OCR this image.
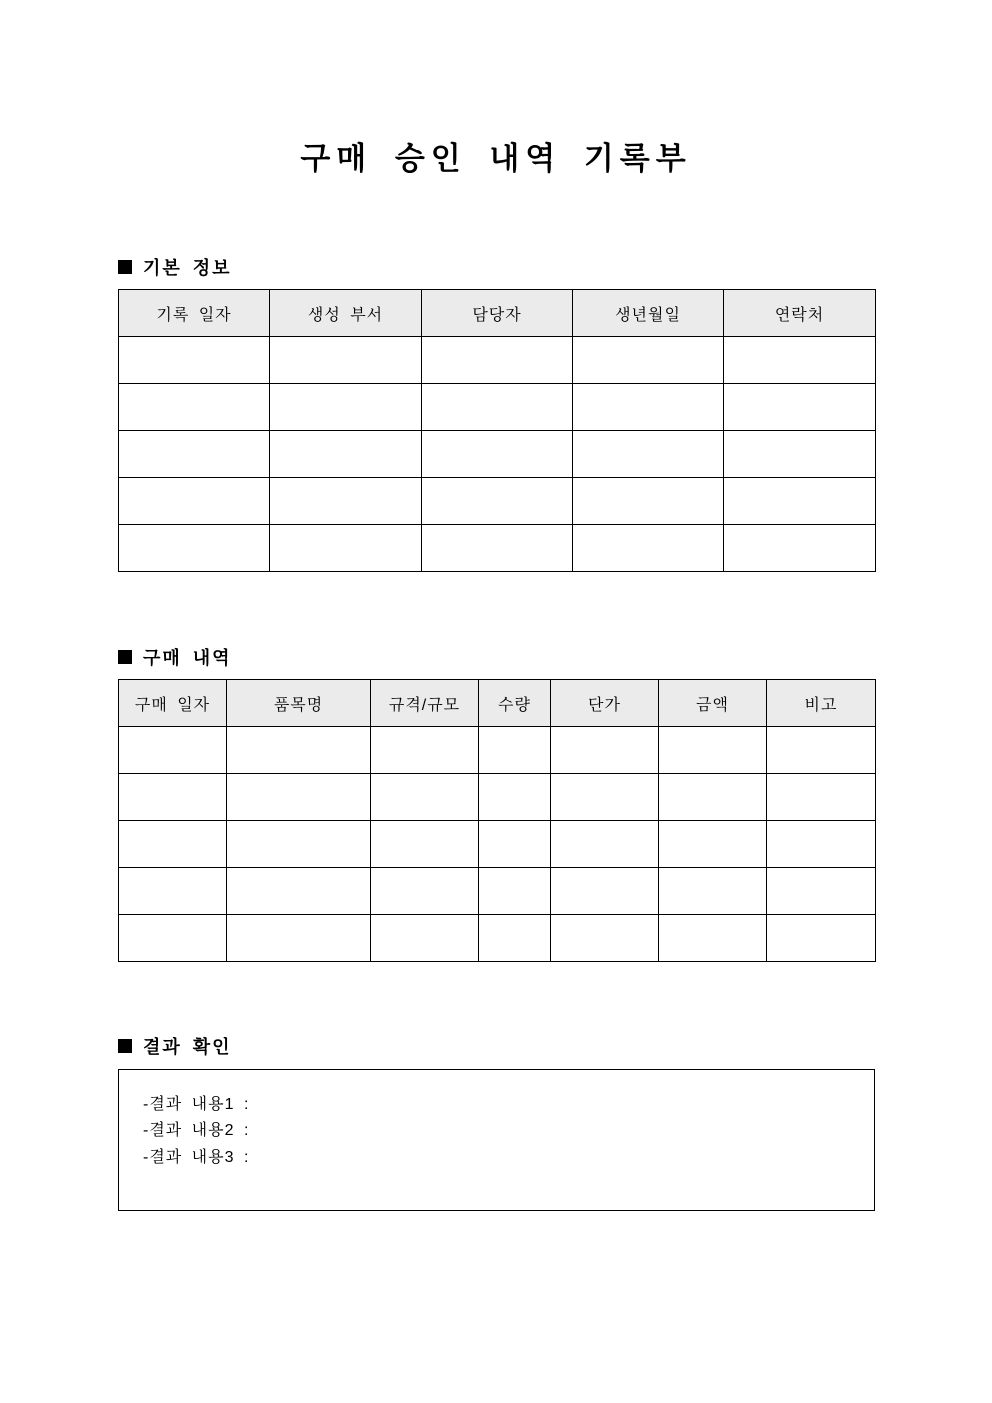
구매 승인 내역 기록부
기본 정보
기록 일자	생성 부서	담당자	생년월일	연락처

구매 내역
구매 일자	품목명	규격/규모	수량	단가	금액	비고

결과 확인
-결과 내용1 :
-결과 내용2 :
-결과 내용3 :
